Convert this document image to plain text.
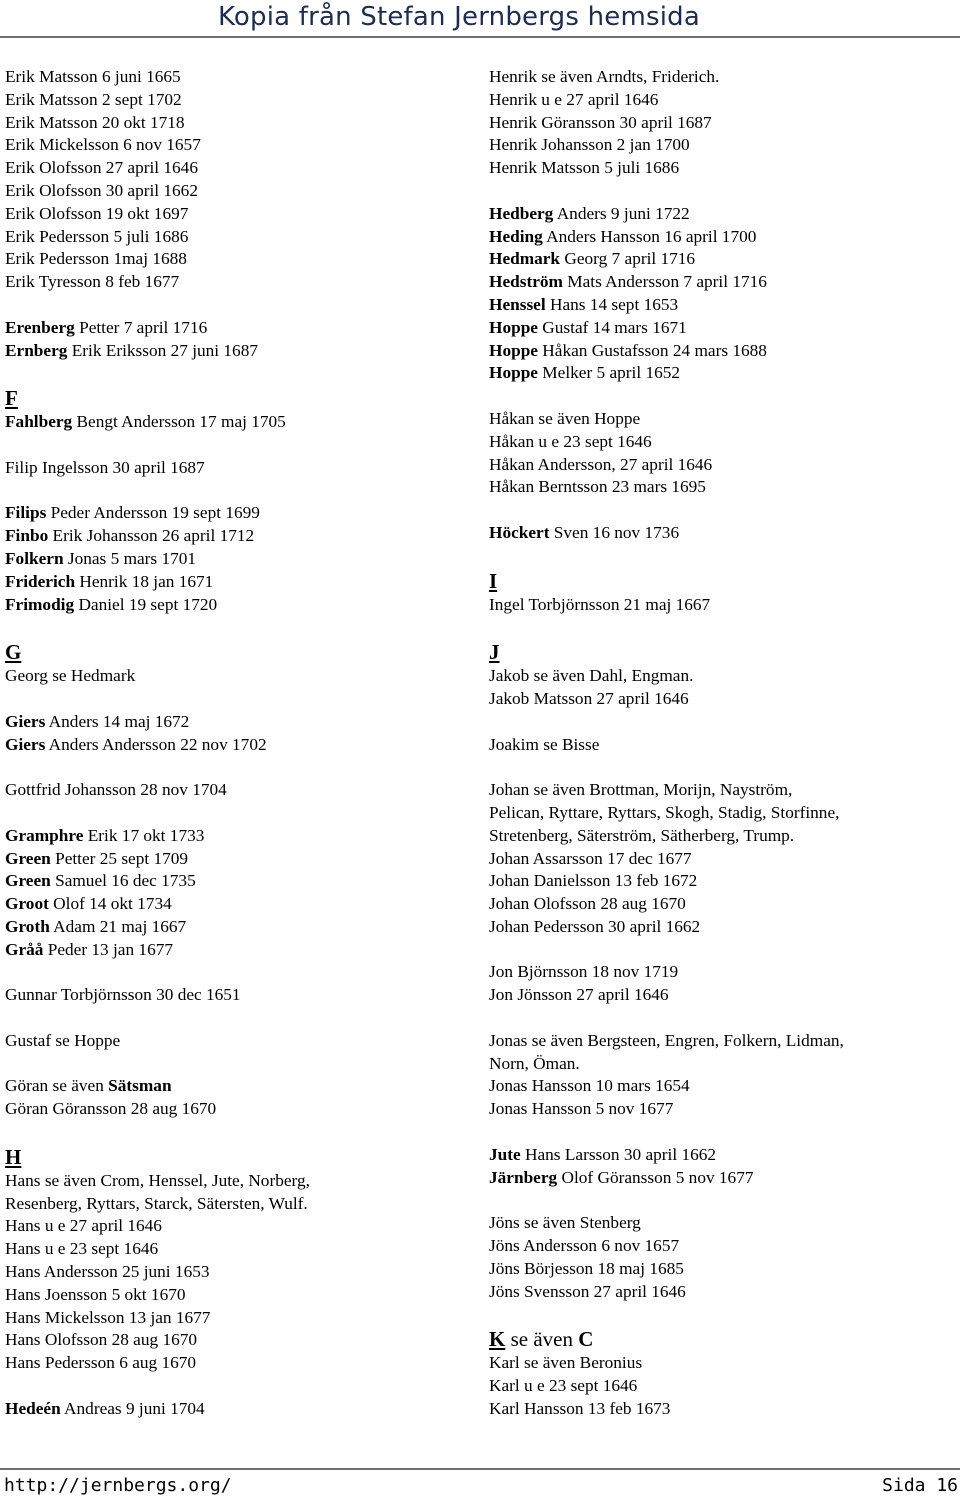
Kopia från Stefan Jernbergs hemsida
Erik Matsson 6 juni 1665
Erik Matsson 2 sept 1702
Erik Matsson 20 okt 1718
Erik Mickelsson 6 nov 1657
Erik Olofsson 27 april 1646
Erik Olofsson 30 april 1662
Erik Olofsson 19 okt 1697
Erik Pedersson 5 juli 1686
Erik Pedersson 1maj 1688
Erik Tyresson 8 feb 1677
Erenberg Petter 7 april 1716
Ernberg Erik Eriksson 27 juni 1687
F
Fahlberg Bengt Andersson 17 maj 1705
Filip Ingelsson 30 april 1687
Filips Peder Andersson 19 sept 1699
Finbo Erik Johansson 26 april 1712
Folkern Jonas 5 mars 1701
Friderich Henrik 18 jan 1671
Frimodig Daniel 19 sept 1720
G
Georg se Hedmark
Giers Anders 14 maj 1672
Giers Anders Andersson 22 nov 1702
Gottfrid Johansson 28 nov 1704
Gramphre Erik 17 okt 1733
Green Petter 25 sept 1709
Green Samuel 16 dec 1735
Groot Olof 14 okt 1734
Groth Adam 21 maj 1667
Gråå Peder 13 jan 1677
Gunnar Torbjörnsson 30 dec 1651
Gustaf se Hoppe
Göran se även Sätsman
Göran Göransson 28 aug 1670
H
Hans se även Crom, Henssel, Jute, Norberg,
Resenberg, Ryttars, Starck, Sätersten, Wulf.
Hans u e 27 april 1646
Hans u e 23 sept 1646
Hans Andersson 25 juni 1653
Hans Joensson 5 okt 1670
Hans Mickelsson 13 jan 1677
Hans Olofsson 28 aug 1670
Hans Pedersson 6 aug 1670
Hedeén Andreas 9 juni 1704
Henrik se även Arndts, Friderich.
Henrik u e 27 april 1646
Henrik Göransson 30 april 1687
Henrik Johansson 2 jan 1700
Henrik Matsson 5 juli 1686
Hedberg Anders 9 juni 1722
Heding Anders Hansson 16 april 1700
Hedmark Georg 7 april 1716
Hedström Mats Andersson 7 april 1716
Henssel Hans 14 sept 1653
Hoppe Gustaf 14 mars 1671
Hoppe Håkan Gustafsson 24 mars 1688
Hoppe Melker 5 april 1652
Håkan se även Hoppe
Håkan u e 23 sept 1646
Håkan Andersson, 27 april 1646
Håkan Berntsson 23 mars 1695
Höckert Sven 16 nov 1736
I
Ingel Torbjörnsson 21 maj 1667
J
Jakob se även Dahl, Engman.
Jakob Matsson 27 april 1646
Joakim se Bisse
Johan se även Brottman, Morijn, Nayström,
Pelican, Ryttare, Ryttars, Skogh, Stadig, Storfinne,
Stretenberg, Säterström, Sätherberg, Trump.
Johan Assarsson 17 dec 1677
Johan Danielsson 13 feb 1672
Johan Olofsson 28 aug 1670
Johan Pedersson 30 april 1662
Jon Björnsson 18 nov 1719
Jon Jönsson 27 april 1646
Jonas se även Bergsteen, Engren, Folkern, Lidman,
Norn, Öman.
Jonas Hansson 10 mars 1654
Jonas Hansson 5 nov 1677
Jute Hans Larsson 30 april 1662
Järnberg Olof Göransson 5 nov 1677
Jöns se även Stenberg
Jöns Andersson 6 nov 1657
Jöns Börjesson 18 maj 1685
Jöns Svensson 27 april 1646
K se även C
Karl se även Beronius
Karl u e 23 sept 1646
Karl Hansson 13 feb 1673
http://jernbergs.org/	Sida 16
